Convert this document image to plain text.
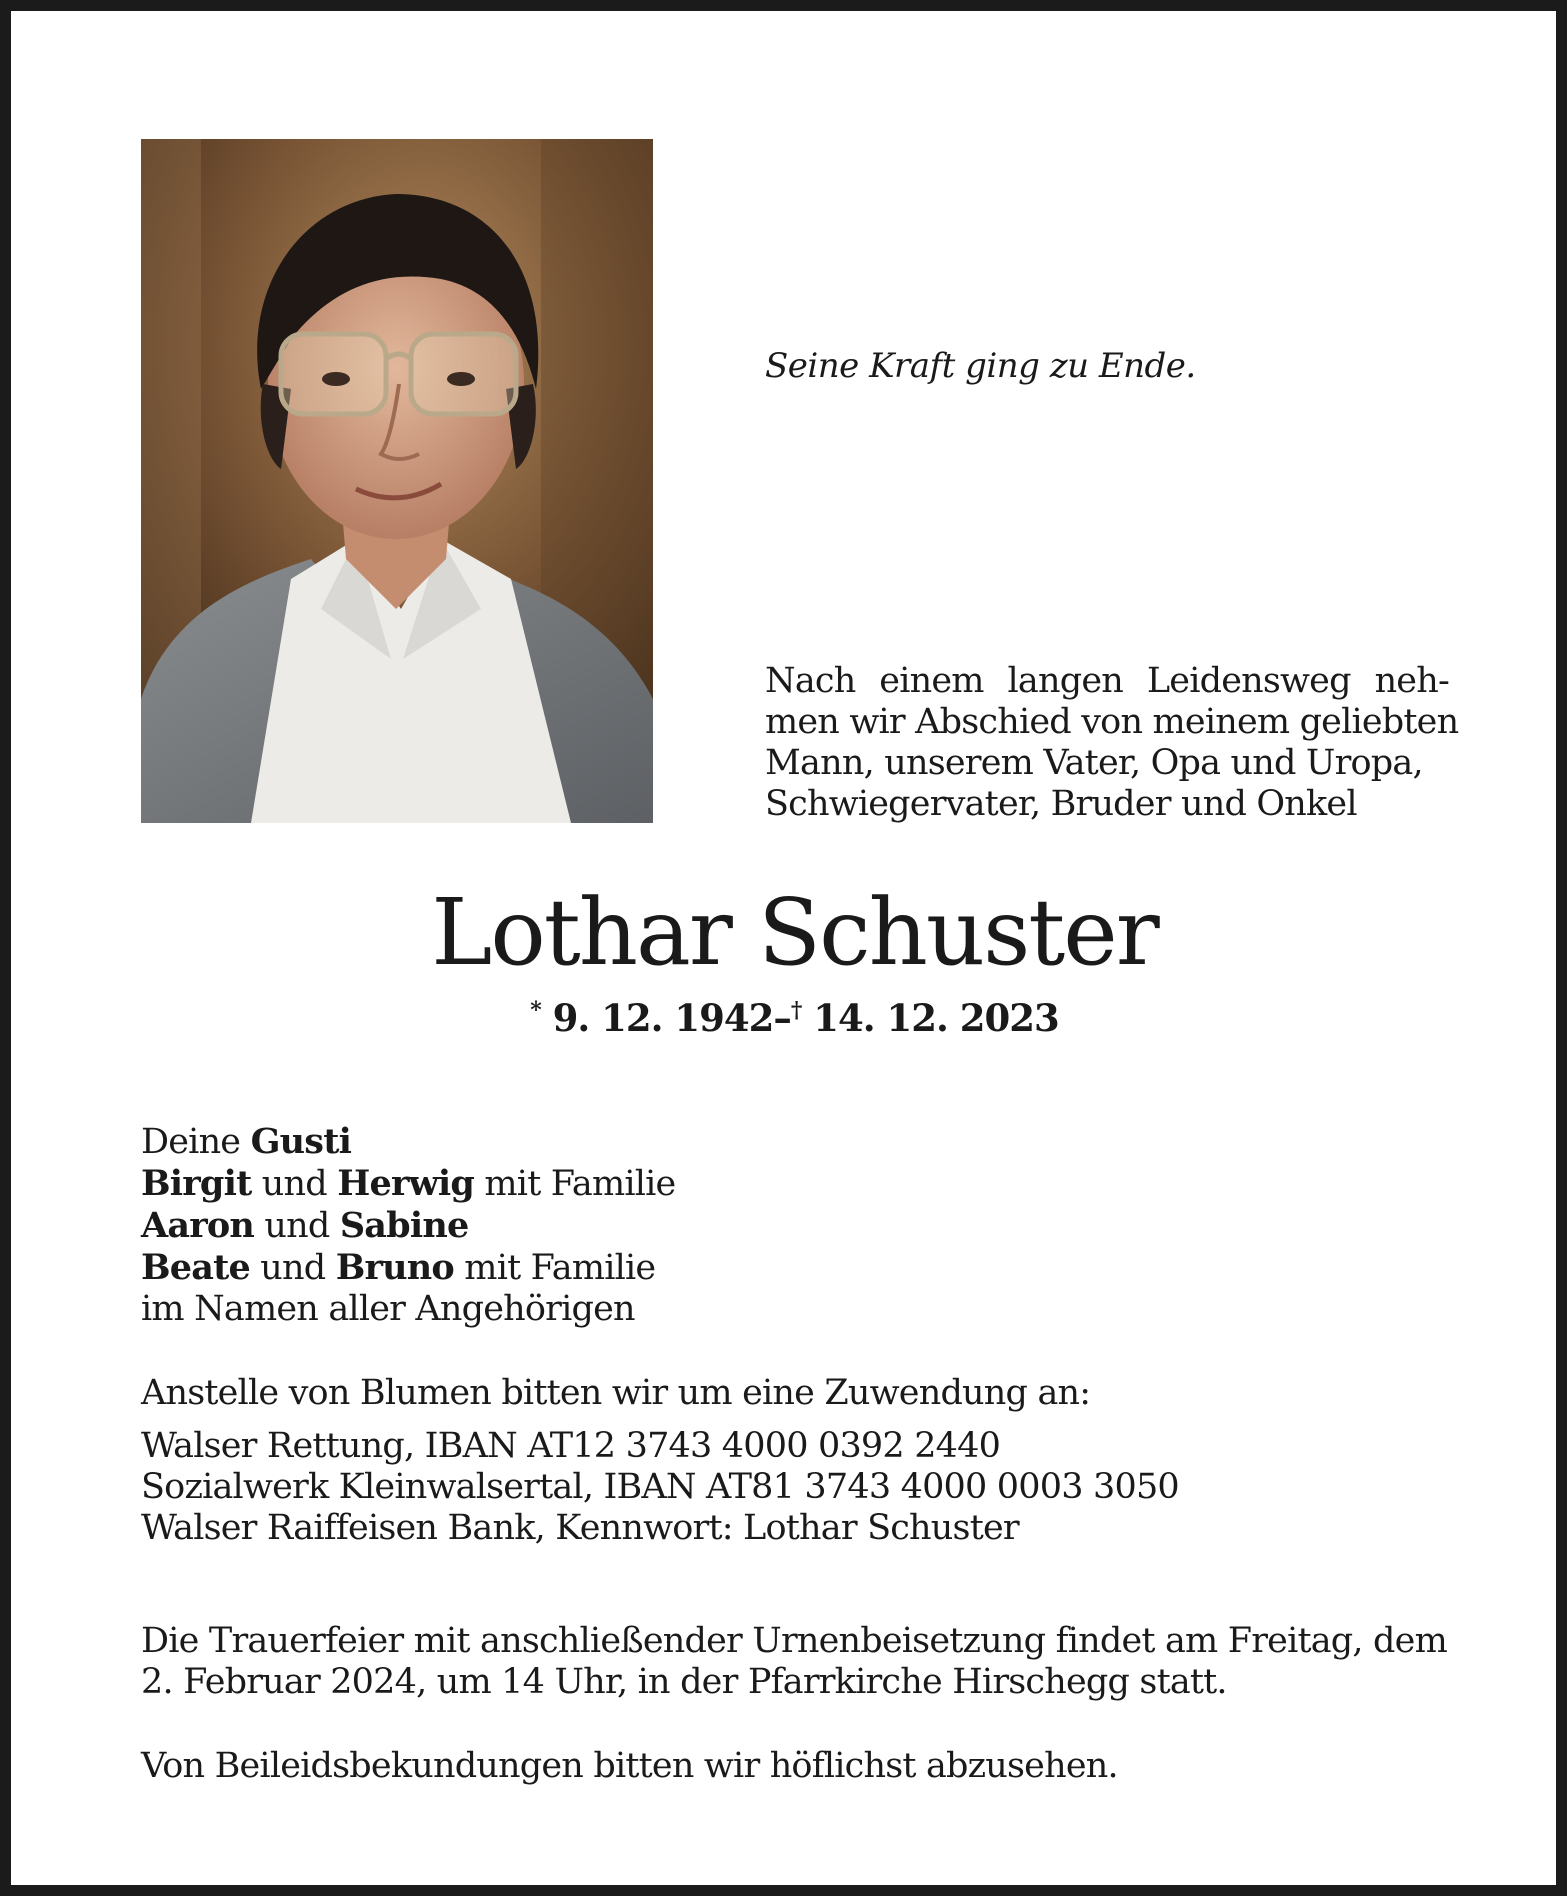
Seine Kraft ging zu Ende.
Nach einem langen Leidensweg neh-
men wir Abschied von meinem geliebten
Mann, unserem Vater, Opa und Uropa,
Schwiegervater, Bruder und Onkel
Lothar Schuster
* 9. 12. 1942–† 14. 12. 2023
Deine Gusti
Birgit und Herwig mit Familie
Aaron und Sabine
Beate und Bruno mit Familie
im Namen aller Angehörigen
Anstelle von Blumen bitten wir um eine Zuwendung an:
Walser Rettung, IBAN AT12 3743 4000 0392 2440
Sozialwerk Kleinwalsertal, IBAN AT81 3743 4000 0003 3050
Walser Raiffeisen Bank, Kennwort: Lothar Schuster
Die Trauerfeier mit anschließender Urnenbeisetzung findet am Freitag, dem
2. Februar 2024, um 14 Uhr, in der Pfarrkirche Hirschegg statt.
Von Beileidsbekundungen bitten wir höflichst abzusehen.
